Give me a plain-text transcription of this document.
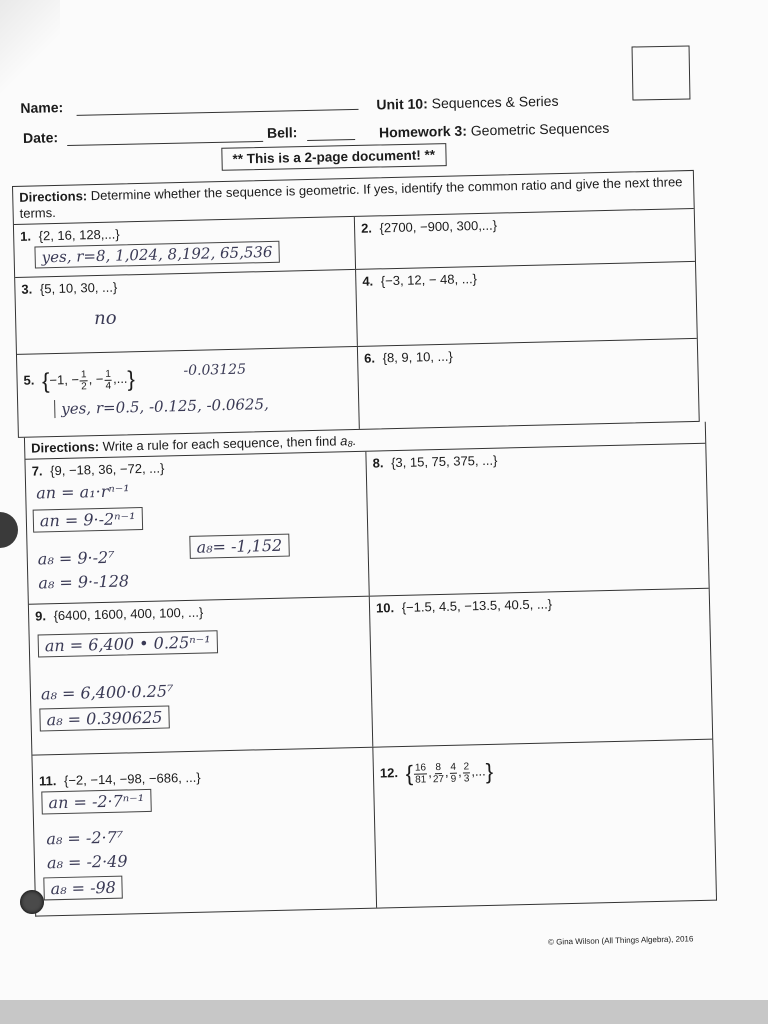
Name:
Date:	Bell:
Unit 10: Sequences & Series
Homework 3: Geometric Sequences
** This is a 2-page document! **
Directions: Determine whether the sequence is geometric. If yes, identify the common ratio and give the next three terms.
1. {2, 16, 128,...}
yes, r=8, 1,024, 8,192, 65,536
2. {2700, −900, 300,...}
3. {5, 10, 30, ...}
no
4. {−3, 12, − 48, ...}
5. {−1, − $\frac{1}{2}$ , − $\frac{1}{4}$ ,...}	-0.03125
yes, r=0.5, -0.125, -0.0625,
6. {8, 9, 10, ...}
Directions: Write a rule for each sequence, then find a₈.
7. {9, −18, 36, −72, ...}
an = a₁·rⁿ⁻¹
an = 9·-2ⁿ⁻¹
a₈ = 9·-2⁷
a₈ = 9·-128
a₈= -1,152
8. {3, 15, 75, 375, ...}
9. {6400, 1600, 400, 100, ...}
an = 6,400 • 0.25ⁿ⁻¹
a₈ = 6,400·0.25⁷
a₈ = 0.390625
10. {−1.5, 4.5, −13.5, 40.5, ...}
11. {−2, −14, −98, −686, ...}
an = -2·7ⁿ⁻¹
a₈ = -2·7⁷
a₈ = -2·49
a₈ = -98
12. { $\frac{16}{81}$ , $\frac{8}{27}$ , $\frac{4}{9}$ , $\frac{2}{3}$ ,...}
© Gina Wilson (All Things Algebra), 2016
